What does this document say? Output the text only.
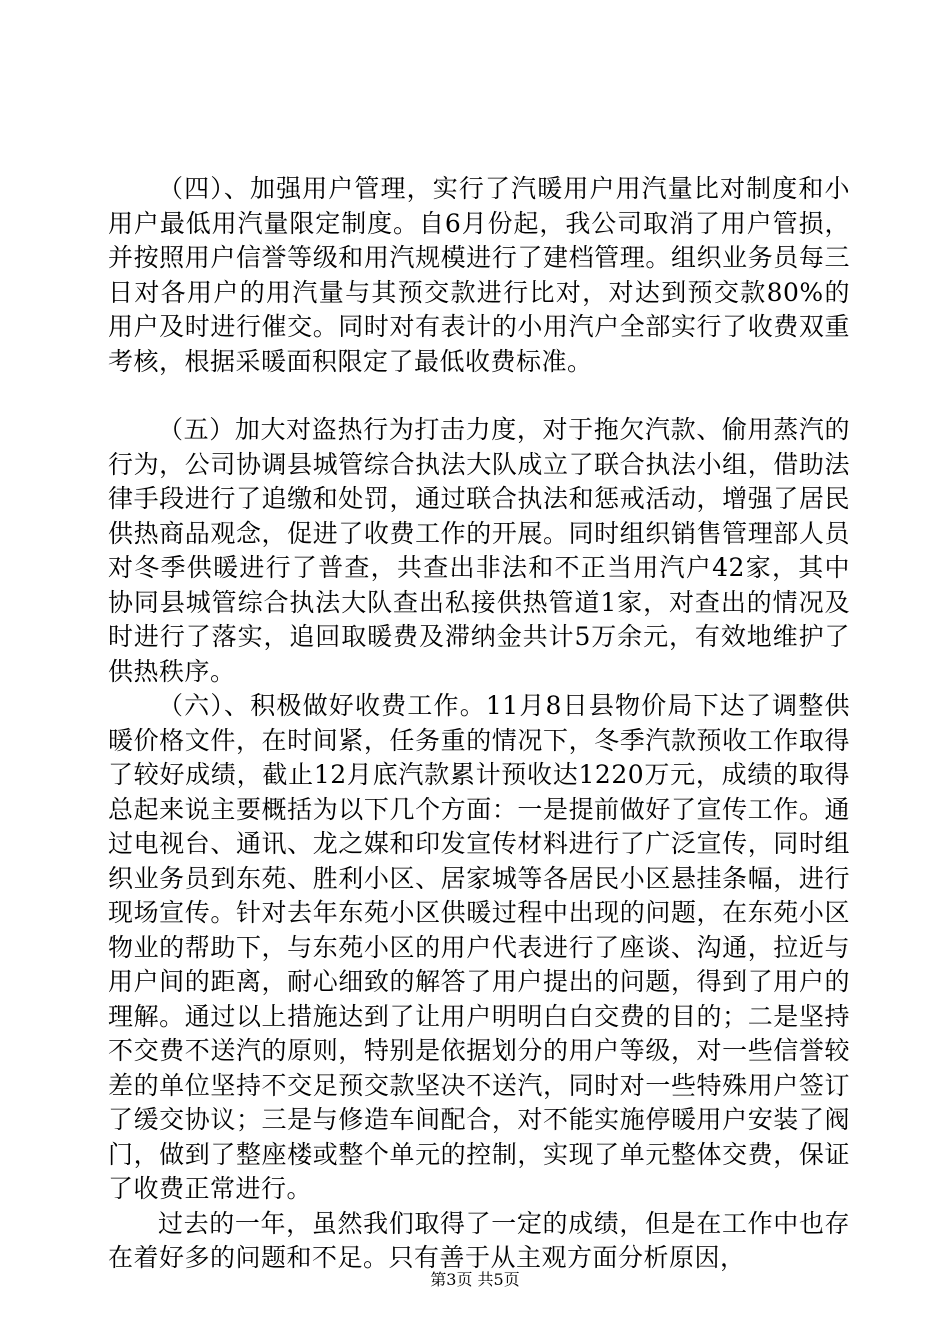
（四）、加强用户管理，实行了汽暖用户用汽量比对制度和小用户最低用汽量限定制度。自6月份起，我公司取消了用户管损，并按照用户信誉等级和用汽规模进行了建档管理。组织业务员每三日对各用户的用汽量与其预交款进行比对，对达到预交款80%的用户及时进行催交。同时对有表计的小用汽户全部实行了收费双重考核，根据采暖面积限定了最低收费标准。

（五）加大对盗热行为打击力度，对于拖欠汽款、偷用蒸汽的行为，公司协调县城管综合执法大队成立了联合执法小组，借助法律手段进行了追缴和处罚，通过联合执法和惩戒活动，增强了居民供热商品观念，促进了收费工作的开展。同时组织销售管理部人员对冬季供暖进行了普查，共查出非法和不正当用汽户42家，其中协同县城管综合执法大队查出私接供热管道1家，对查出的情况及时进行了落实，追回取暖费及滞纳金共计5万余元，有效地维护了供热秩序。

（六）、积极做好收费工作。11月8日县物价局下达了调整供暖价格文件，在时间紧，任务重的情况下，冬季汽款预收工作取得了较好成绩，截止12月底汽款累计预收达1220万元，成绩的取得总起来说主要概括为以下几个方面：一是提前做好了宣传工作。通过电视台、通讯、龙之媒和印发宣传材料进行了广泛宣传，同时组织业务员到东苑、胜利小区、居家城等各居民小区悬挂条幅，进行现场宣传。针对去年东苑小区供暖过程中出现的问题，在东苑小区物业的帮助下，与东苑小区的用户代表进行了座谈、沟通，拉近与用户间的距离，耐心细致的解答了用户提出的问题，得到了用户的理解。通过以上措施达到了让用户明明白白交费的目的；二是坚持不交费不送汽的原则，特别是依据划分的用户等级，对一些信誉较差的单位坚持不交足预交款坚决不送汽，同时对一些特殊用户签订了缓交协议；三是与修造车间配合，对不能实施停暖用户安装了阀门，做到了整座楼或整个单元的控制，实现了单元整体交费，保证了收费正常进行。

过去的一年，虽然我们取得了一定的成绩，但是在工作中也存在着好多的问题和不足。只有善于从主观方面分析原因，

第3页 共5页
